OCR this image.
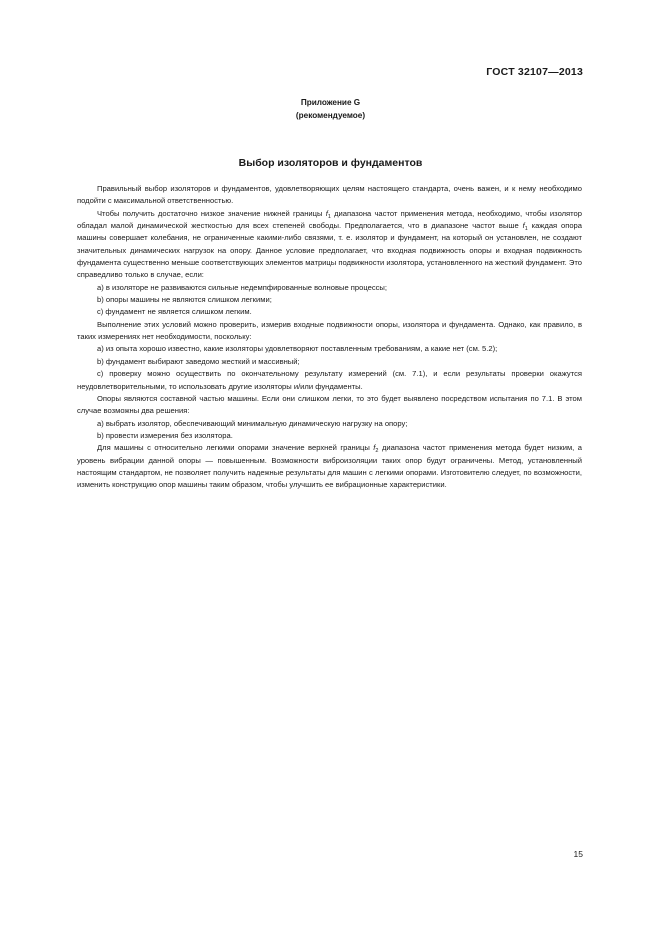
ГОСТ 32107—2013
Приложение G
(рекомендуемое)
Выбор изоляторов и фундаментов

Правильный выбор изоляторов и фундаментов, удовлетворяющих целям настоящего стандарта, очень важен, и к нему необходимо подойти с максимальной ответственностью.

Чтобы получить достаточно низкое значение нижней границы $f_1$ диапазона частот применения метода, необходимо, чтобы изолятор обладал малой динамической жесткостью для всех степеней свободы. Предполагается, что в диапазоне частот выше $f_1$ каждая опора машины совершает колебания, не ограниченные какими-либо связями, т. е. изолятор и фундамент, на который он установлен, не создают значительных динамических нагрузок на опору. Данное условие предполагает, что входная подвижность опоры и входная подвижность фундамента существенно меньше соответствующих элементов матрицы подвижности изолятора, установленного на жесткий фундамент. Это справедливо только в случае, если:

a) в изоляторе не развиваются сильные недемпфированные волновые процессы;

b) опоры машины не являются слишком легкими;

c) фундамент не является слишком легким.

Выполнение этих условий можно проверить, измерив входные подвижности опоры, изолятора и фундамента. Однако, как правило, в таких измерениях нет необходимости, поскольку:

a) из опыта хорошо известно, какие изоляторы удовлетворяют поставленным требованиям, а какие нет (см. 5.2);

b) фундамент выбирают заведомо жесткий и массивный;

c) проверку можно осуществить по окончательному результату измерений (см. 7.1), и если результаты проверки окажутся неудовлетворительными, то использовать другие изоляторы и/или фундаменты.

Опоры являются составной частью машины. Если они слишком легки, то это будет выявлено посредством испытания по 7.1. В этом случае возможны два решения:

a) выбрать изолятор, обеспечивающий минимальную динамическую нагрузку на опору;

b) провести измерения без изолятора.

Для машины с относительно легкими опорами значение верхней границы $f_2$ диапазона частот применения метода будет низким, а уровень вибрации данной опоры — повышенным. Возможности виброизоляции таких опор будут ограничены. Метод, установленный настоящим стандартом, не позволяет получить надежные результаты для машин с легкими опорами. Изготовителю следует, по возможности, изменить конструкцию опор машины таким образом, чтобы улучшить ее вибрационные характеристики.

15
